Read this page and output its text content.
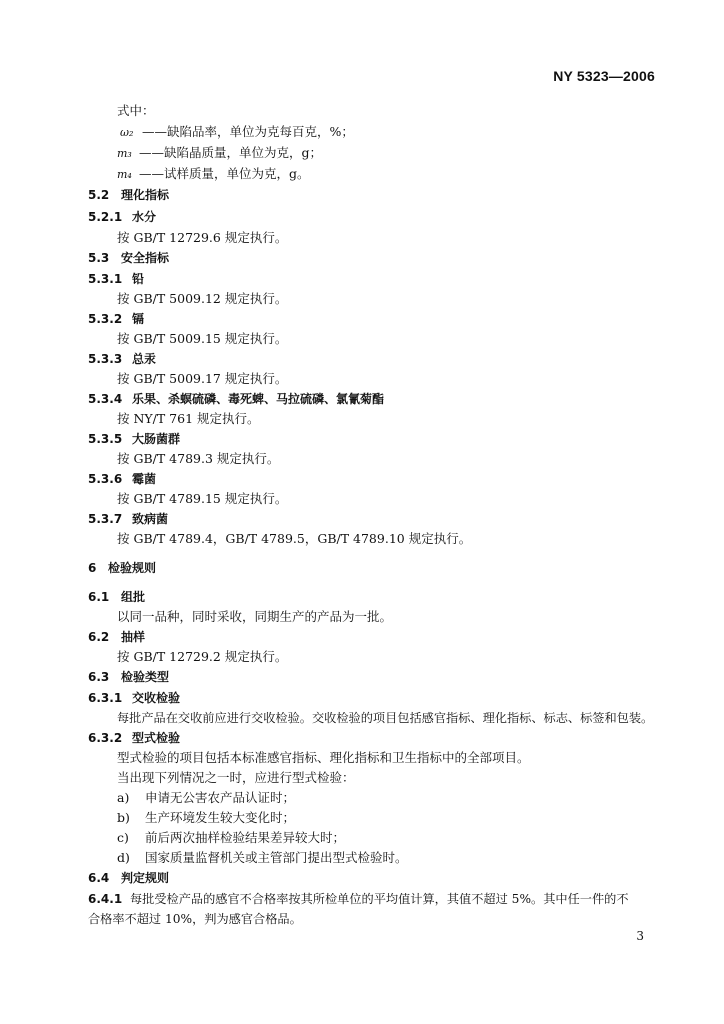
NY 5323—2006
式中：
ω₂ ——缺陷品率，单位为克每百克，%；
m₃ ——缺陷晶质量，单位为克，g；
m₄ ——试样质量，单位为克，g。
5.2 理化指标
5.2.1 水分
按 GB/T 12729.6 规定执行。
5.3 安全指标
5.3.1 铅
按 GB/T 5009.12 规定执行。
5.3.2 镉
按 GB/T 5009.15 规定执行。
5.3.3 总汞
按 GB/T 5009.17 规定执行。
5.3.4 乐果、杀螟硫磷、毒死蜱、马拉硫磷、氯氰菊酯
按 NY/T 761 规定执行。
5.3.5 大肠菌群
按 GB/T 4789.3 规定执行。
5.3.6 霉菌
按 GB/T 4789.15 规定执行。
5.3.7 致病菌
按 GB/T 4789.4，GB/T 4789.5，GB/T 4789.10 规定执行。
6 检验规则
6.1 组批
以同一品种，同时采收，同期生产的产品为一批。
6.2 抽样
按 GB/T 12729.2 规定执行。
6.3 检验类型
6.3.1 交收检验
每批产品在交收前应进行交收检验。交收检验的项目包括感官指标、理化指标、标志、标签和包装。
6.3.2 型式检验
型式检验的项目包括本标准感官指标、理化指标和卫生指标中的全部项目。
当出现下列情况之一时，应进行型式检验：
a) 申请无公害农产品认证时；
b) 生产环境发生较大变化时；
c) 前后两次抽样检验结果差异较大时；
d) 国家质量监督机关或主管部门提出型式检验时。
6.4 判定规则
6.4.1 每批受检产品的感官不合格率按其所检单位的平均值计算，其值不超过 5%。其中任一件的不
合格率不超过 10%，判为感官合格品。
3
